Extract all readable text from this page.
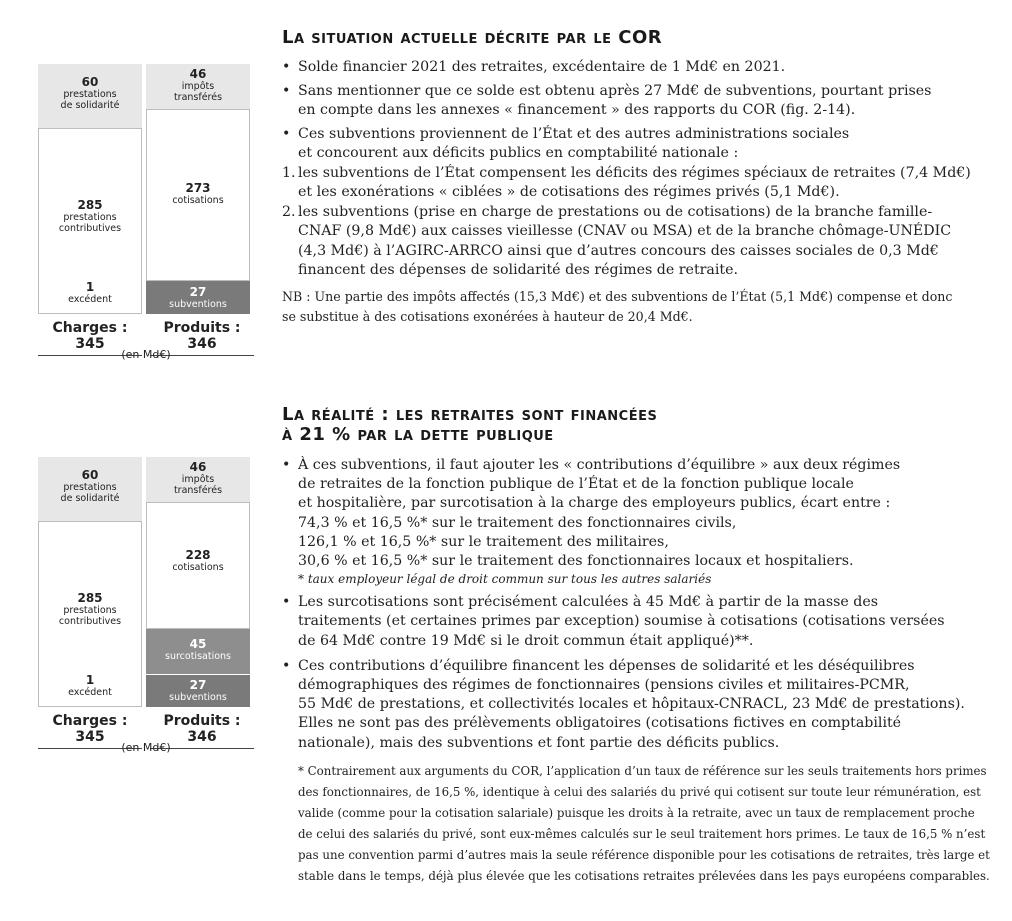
60
prestations
de solidarité
285
prestations
contributives
1
excédent
46
impôts
transférés
273
cotisations
27
subventions
Charges : 345
Produits : 346
(en Md€)
La situation actuelle décrite par le COR
• Solde financier 2021 des retraites, excédentaire de 1 Md€ en 2021.
• Sans mentionner que ce solde est obtenu après 27 Md€ de subventions, pourtant prises
en compte dans les annexes « financement » des rapports du COR (fig. 2-14).
• Ces subventions proviennent de l’État et des autres administrations sociales
et concourent aux déficits publics en comptabilité nationale :
1. les subventions de l’État compensent les déficits des régimes spéciaux de retraites (7,4 Md€)
et les exonérations « ciblées » de cotisations des régimes privés (5,1 Md€).
2. les subventions (prise en charge de prestations ou de cotisations) de la branche famille-
CNAF (9,8 Md€) aux caisses vieillesse (CNAV ou MSA) et de la branche chômage-UNÉDIC
(4,3 Md€) à l’AGIRC-ARRCO ainsi que d’autres concours des caisses sociales de 0,3 Md€
financent des dépenses de solidarité des régimes de retraite.
NB : Une partie des impôts affectés (15,3 Md€) et des subventions de l’État (5,1 Md€) compense et donc
se substitue à des cotisations exonérées à hauteur de 20,4 Md€.
60
prestations
de solidarité
285
prestations
contributives
1
excédent
46
impôts
transférés
228
cotisations
45
surcotisations
27
subventions
Charges : 345
Produits : 346
(en Md€)
La réalité : les retraites sont financées
à 21 % par la dette publique
• À ces subventions, il faut ajouter les « contributions d’équilibre » aux deux régimes
de retraites de la fonction publique de l’État et de la fonction publique locale
et hospitalière, par surcotisation à la charge des employeurs publics, écart entre :
74,3 % et 16,5 %* sur le traitement des fonctionnaires civils,
126,1 % et 16,5 %* sur le traitement des militaires,
30,6 % et 16,5 %* sur le traitement des fonctionnaires locaux et hospitaliers.
* taux employeur légal de droit commun sur tous les autres salariés
• Les surcotisations sont précisément calculées à 45 Md€ à partir de la masse des
traitements (et certaines primes par exception) soumise à cotisations (cotisations versées
de 64 Md€ contre 19 Md€ si le droit commun était appliqué)**.
• Ces contributions d’équilibre financent les dépenses de solidarité et les déséquilibres
démographiques des régimes de fonctionnaires (pensions civiles et militaires-PCMR,
55 Md€ de prestations, et collectivités locales et hôpitaux-CNRACL, 23 Md€ de prestations).
Elles ne sont pas des prélèvements obligatoires (cotisations fictives en comptabilité
nationale), mais des subventions et font partie des déficits publics.
* Contrairement aux arguments du COR, l’application d’un taux de référence sur les seuls traitements hors primes
des fonctionnaires, de 16,5 %, identique à celui des salariés du privé qui cotisent sur toute leur rémunération, est
valide (comme pour la cotisation salariale) puisque les droits à la retraite, avec un taux de remplacement proche
de celui des salariés du privé, sont eux-mêmes calculés sur le seul traitement hors primes. Le taux de 16,5 % n’est
pas une convention parmi d’autres mais la seule référence disponible pour les cotisations de retraites, très large et
stable dans le temps, déjà plus élevée que les cotisations retraites prélevées dans les pays européens comparables.
